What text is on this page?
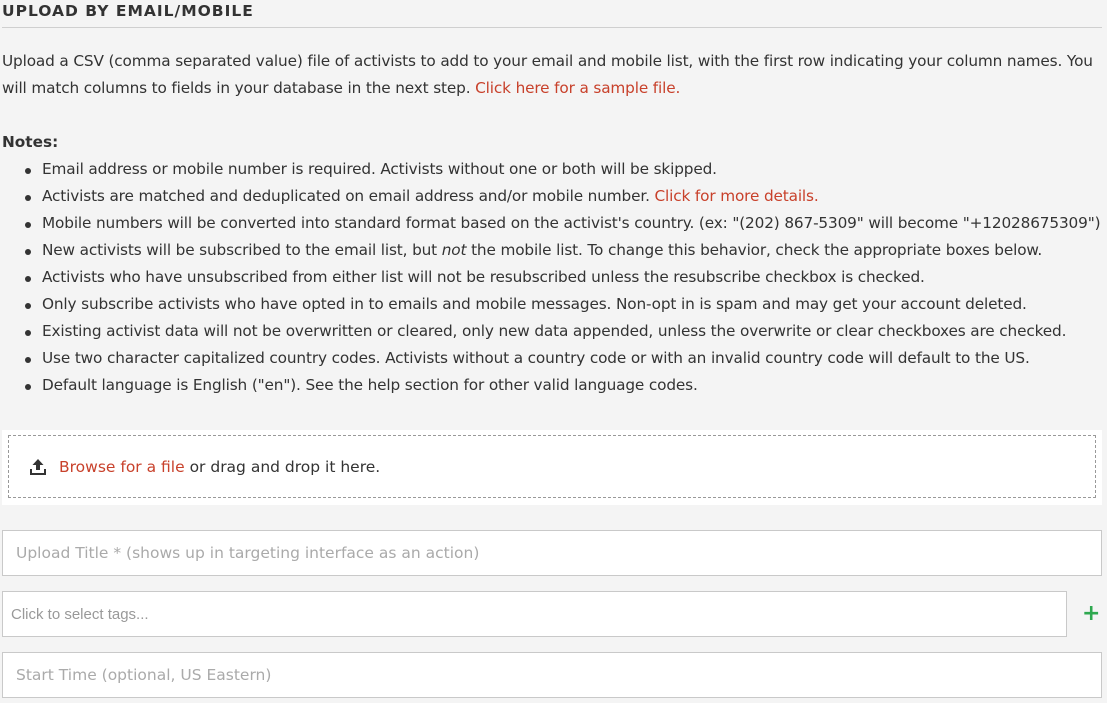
UPLOAD BY EMAIL/MOBILE
Upload a CSV (comma separated value) file of activists to add to your email and mobile list, with the first row indicating your column names. You will match columns to fields in your database in the next step. Click here for a sample file.
Notes:
Email address or mobile number is required. Activists without one or both will be skipped.
Activists are matched and deduplicated on email address and/or mobile number. Click for more details.
Mobile numbers will be converted into standard format based on the activist's country. (ex: "(202) 867-5309" will become "+12028675309")
New activists will be subscribed to the email list, but not the mobile list. To change this behavior, check the appropriate boxes below.
Activists who have unsubscribed from either list will not be resubscribed unless the resubscribe checkbox is checked.
Only subscribe activists who have opted in to emails and mobile messages. Non-opt in is spam and may get your account deleted.
Existing activist data will not be overwritten or cleared, only new data appended, unless the overwrite or clear checkboxes are checked.
Use two character capitalized country codes. Activists without a country code or with an invalid country code will default to the US.
Default language is English ("en"). See the help section for other valid language codes.
Browse for a file or drag and drop it here.
Upload Title * (shows up in targeting interface as an action)
Click to select tags...
+
Start Time (optional, US Eastern)
